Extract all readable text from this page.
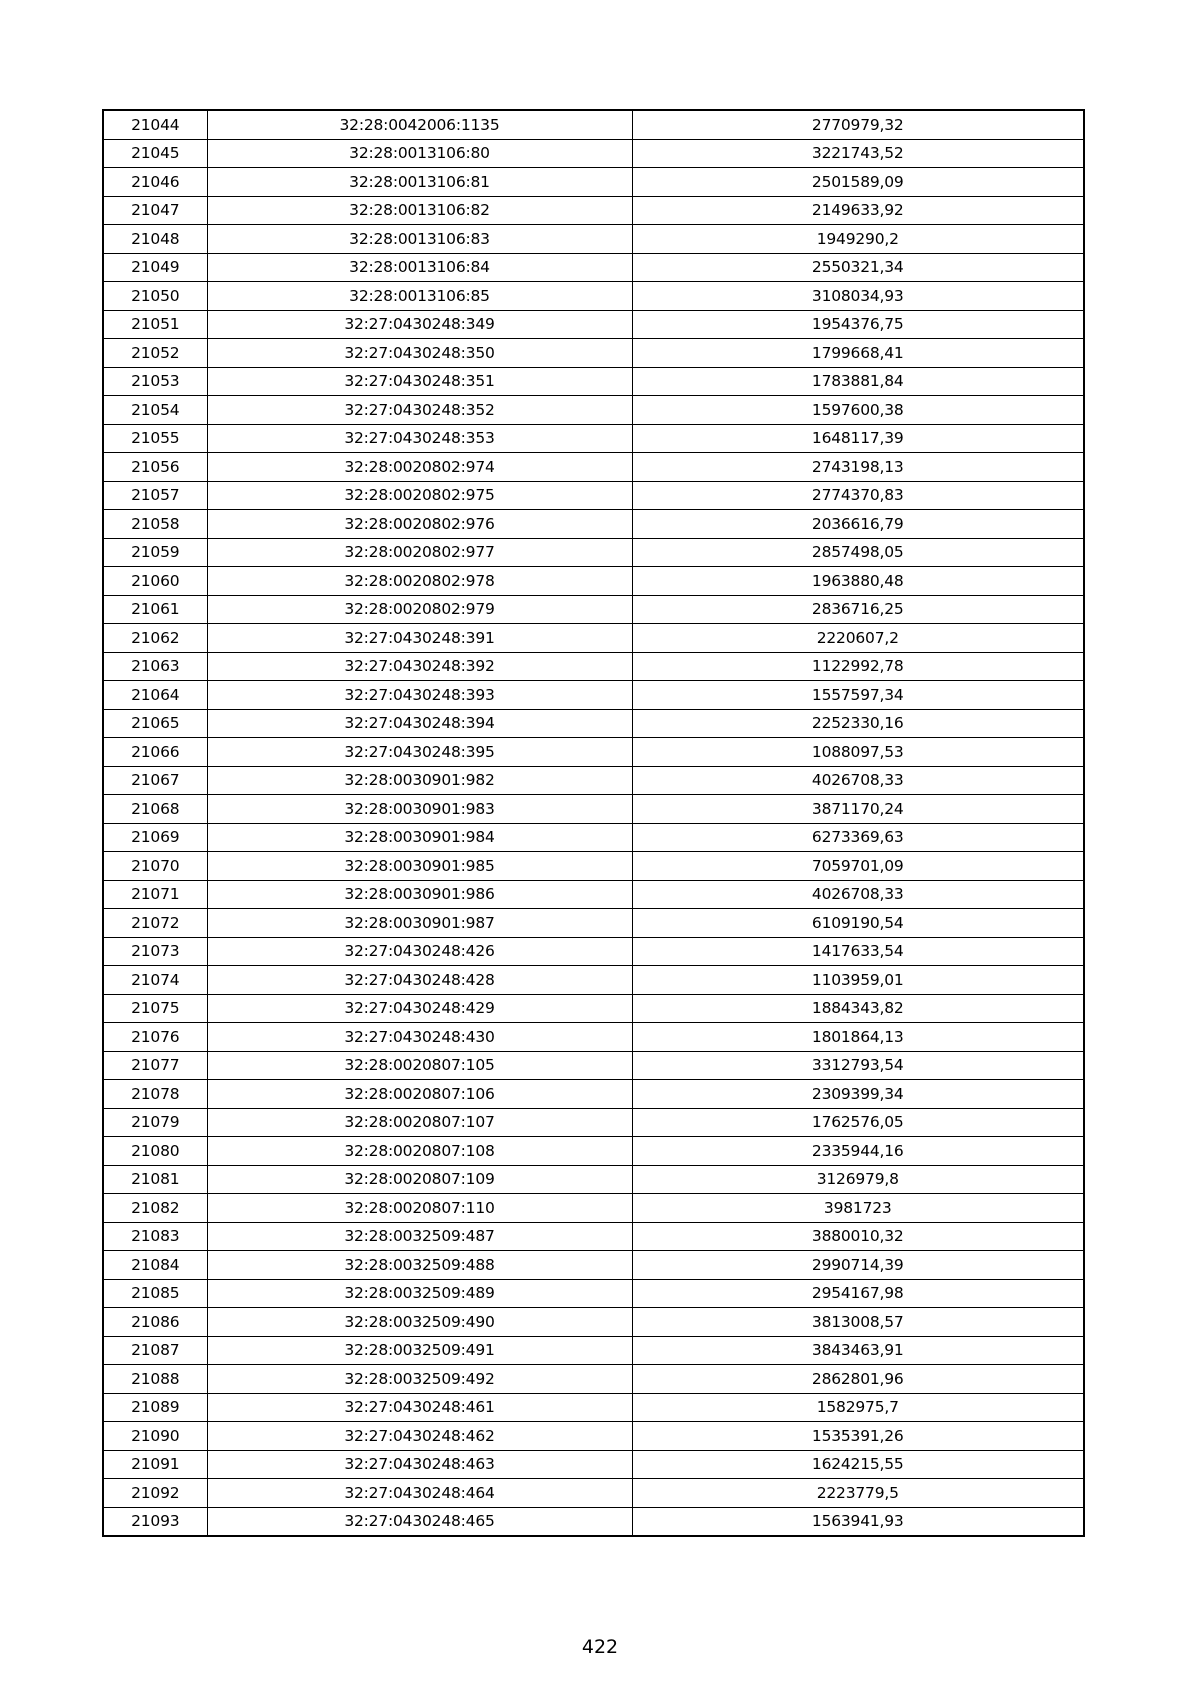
21044	32:28:0042006:1135	2770979,32
21045	32:28:0013106:80	3221743,52
21046	32:28:0013106:81	2501589,09
21047	32:28:0013106:82	2149633,92
21048	32:28:0013106:83	1949290,2
21049	32:28:0013106:84	2550321,34
21050	32:28:0013106:85	3108034,93
21051	32:27:0430248:349	1954376,75
21052	32:27:0430248:350	1799668,41
21053	32:27:0430248:351	1783881,84
21054	32:27:0430248:352	1597600,38
21055	32:27:0430248:353	1648117,39
21056	32:28:0020802:974	2743198,13
21057	32:28:0020802:975	2774370,83
21058	32:28:0020802:976	2036616,79
21059	32:28:0020802:977	2857498,05
21060	32:28:0020802:978	1963880,48
21061	32:28:0020802:979	2836716,25
21062	32:27:0430248:391	2220607,2
21063	32:27:0430248:392	1122992,78
21064	32:27:0430248:393	1557597,34
21065	32:27:0430248:394	2252330,16
21066	32:27:0430248:395	1088097,53
21067	32:28:0030901:982	4026708,33
21068	32:28:0030901:983	3871170,24
21069	32:28:0030901:984	6273369,63
21070	32:28:0030901:985	7059701,09
21071	32:28:0030901:986	4026708,33
21072	32:28:0030901:987	6109190,54
21073	32:27:0430248:426	1417633,54
21074	32:27:0430248:428	1103959,01
21075	32:27:0430248:429	1884343,82
21076	32:27:0430248:430	1801864,13
21077	32:28:0020807:105	3312793,54
21078	32:28:0020807:106	2309399,34
21079	32:28:0020807:107	1762576,05
21080	32:28:0020807:108	2335944,16
21081	32:28:0020807:109	3126979,8
21082	32:28:0020807:110	3981723
21083	32:28:0032509:487	3880010,32
21084	32:28:0032509:488	2990714,39
21085	32:28:0032509:489	2954167,98
21086	32:28:0032509:490	3813008,57
21087	32:28:0032509:491	3843463,91
21088	32:28:0032509:492	2862801,96
21089	32:27:0430248:461	1582975,7
21090	32:27:0430248:462	1535391,26
21091	32:27:0430248:463	1624215,55
21092	32:27:0430248:464	2223779,5
21093	32:27:0430248:465	1563941,93
422
